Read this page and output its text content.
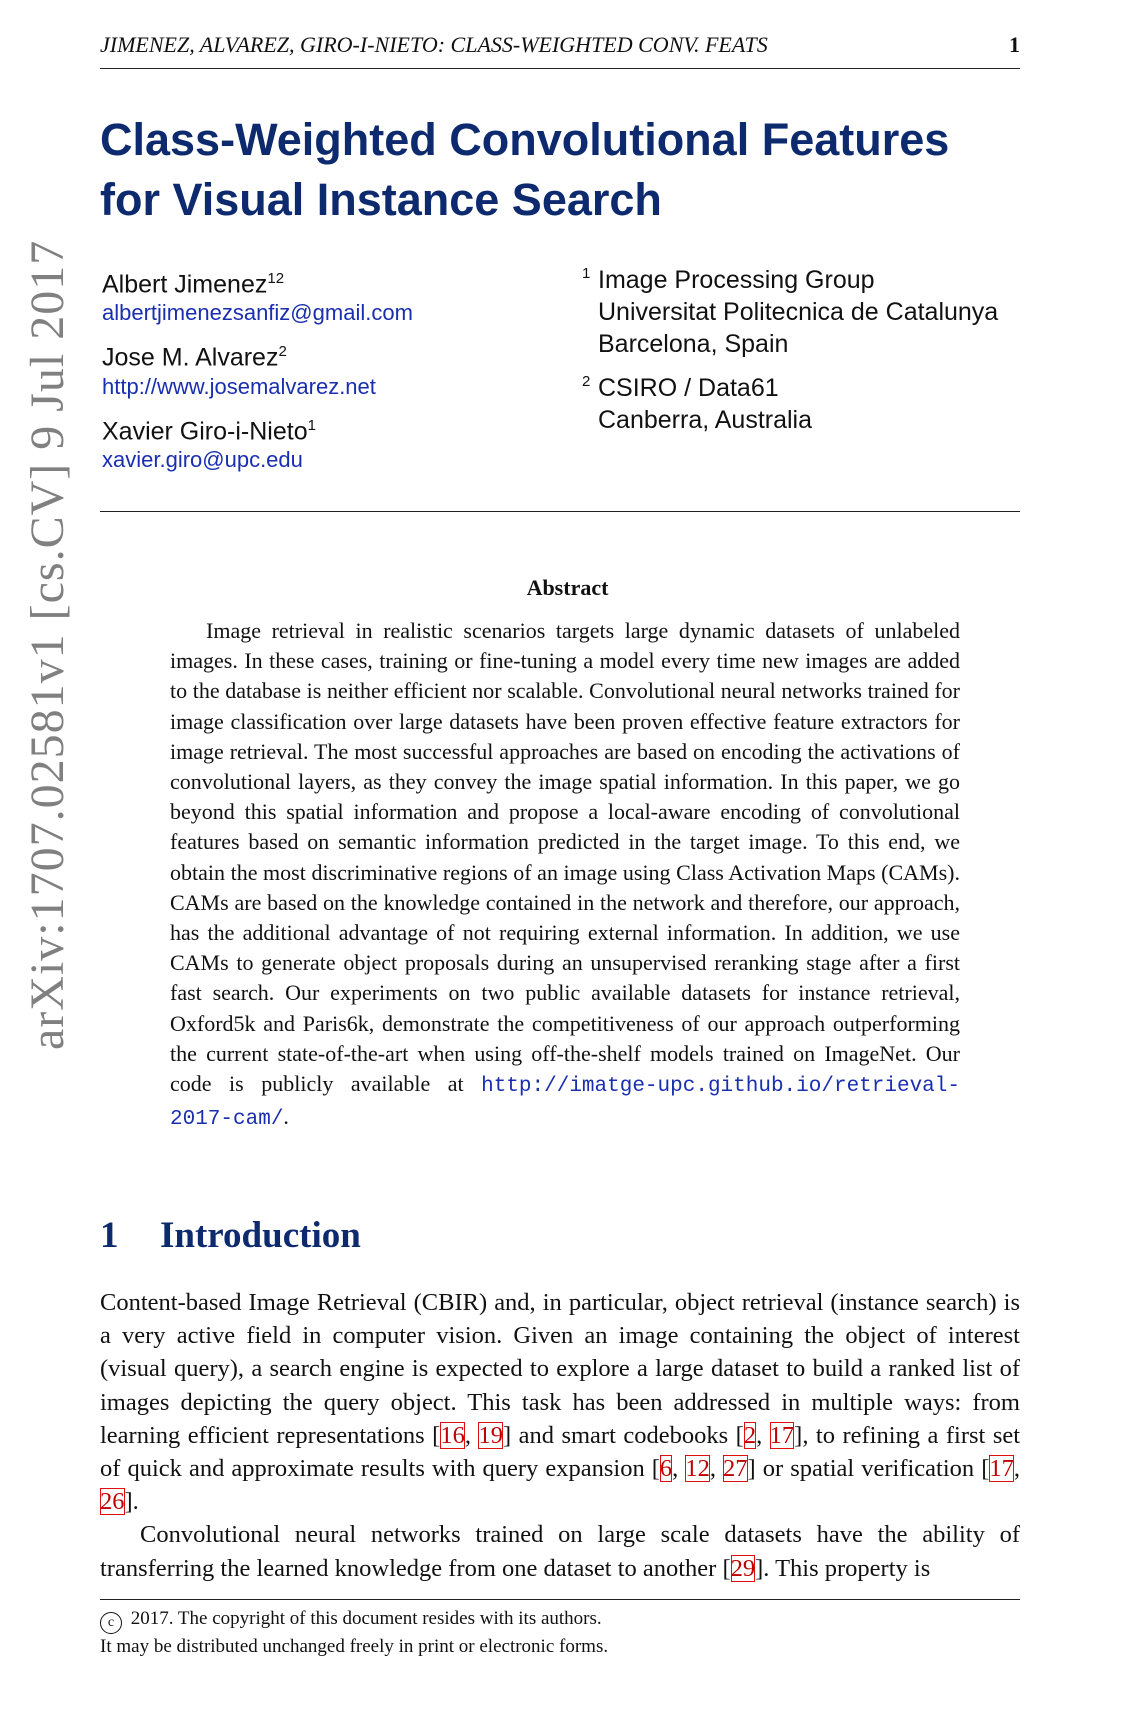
JIMENEZ, ALVAREZ, GIRO-I-NIETO: CLASS-WEIGHTED CONV. FEATS	1
arXiv:1707.02581v1 [cs.CV] 9 Jul 2017
Class-Weighted Convolutional Features
for Visual Instance Search
Albert Jimenez$^{12}$
albertjimenezsanfiz@gmail.com
Jose M. Alvarez$^2$
http://www.josemalvarez.net
Xavier Giro-i-Nieto$^1$
xavier.giro@upc.edu
1 Image Processing Group
Universitat Politecnica de Catalunya
Barcelona, Spain
2 CSIRO / Data61
Canberra, Australia
Abstract

Image retrieval in realistic scenarios targets large dynamic datasets of unlabeled images. In these cases, training or fine-tuning a model every time new images are added to the database is neither efficient nor scalable. Convolutional neural networks trained for image classification over large datasets have been proven effective feature extractors for image retrieval. The most successful approaches are based on encoding the activations of convolutional layers, as they convey the image spatial information. In this paper, we go beyond this spatial information and propose a local-aware encoding of convolutional features based on semantic information predicted in the target image. To this end, we obtain the most discriminative regions of an image using Class Activation Maps (CAMs). CAMs are based on the knowledge contained in the network and therefore, our approach, has the additional advantage of not requiring external information. In addition, we use CAMs to generate object proposals during an unsupervised reranking stage after a first fast search. Our experiments on two public available datasets for instance retrieval, Oxford5k and Paris6k, demonstrate the competitiveness of our approach outperforming the current state-of-the-art when using off-the-shelf models trained on ImageNet. Our code is publicly available at http://imatge-upc.github.io/retrieval-2017-cam/.

1 Introduction

Content-based Image Retrieval (CBIR) and, in particular, object retrieval (instance search) is a very active field in computer vision. Given an image containing the object of interest (visual query), a search engine is expected to explore a large dataset to build a ranked list of images depicting the query object. This task has been addressed in multiple ways: from learning efficient representations [16, 19] and smart codebooks [2, 17], to refining a first set of quick and approximate results with query expansion [6, 12, 27] or spatial verification [17, 26].

Convolutional neural networks trained on large scale datasets have the ability of transferring the learned knowledge from one dataset to another [29]. This property is

c 2017. The copyright of this document resides with its authors.
It may be distributed unchanged freely in print or electronic forms.
